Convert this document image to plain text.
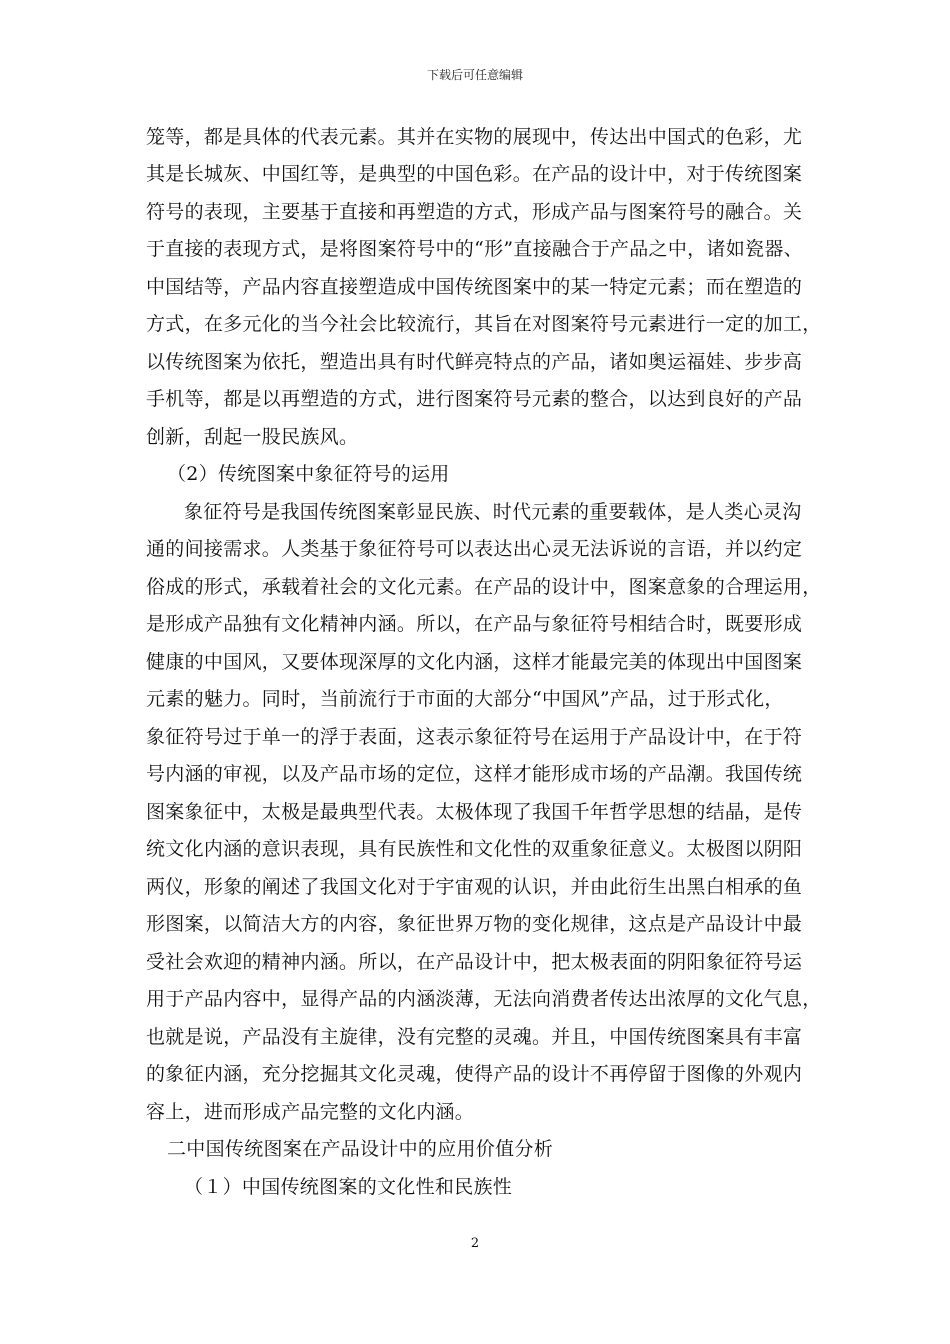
下载后可任意编辑
笼等，都是具体的代表元素。其并在实物的展现中，传达出中国式的色彩，尤
其是长城灰、中国红等，是典型的中国色彩。在产品的设计中，对于传统图案
符号的表现，主要基于直接和再塑造的方式，形成产品与图案符号的融合。关
于直接的表现方式，是将图案符号中的“形”直接融合于产品之中，诸如瓷器、
中国结等，产品内容直接塑造成中国传统图案中的某一特定元素；而在塑造的
方式，在多元化的当今社会比较流行，其旨在对图案符号元素进行一定的加工，
以传统图案为依托，塑造出具有时代鲜亮特点的产品，诸如奥运福娃、步步高
手机等，都是以再塑造的方式，进行图案符号元素的整合，以达到良好的产品
创新，刮起一股民族风。
（2）传统图案中象征符号的运用
象征符号是我国传统图案彰显民族、时代元素的重要载体，是人类心灵沟
通的间接需求。人类基于象征符号可以表达出心灵无法诉说的言语，并以约定
俗成的形式，承载着社会的文化元素。在产品的设计中，图案意象的合理运用，
是形成产品独有文化精神内涵。所以，在产品与象征符号相结合时，既要形成
健康的中国风，又要体现深厚的文化内涵，这样才能最完美的体现出中国图案
元素的魅力。同时，当前流行于市面的大部分“中国风”产品，过于形式化，
象征符号过于单一的浮于表面，这表示象征符号在运用于产品设计中，在于符
号内涵的审视，以及产品市场的定位，这样才能形成市场的产品潮。我国传统
图案象征中，太极是最典型代表。太极体现了我国千年哲学思想的结晶，是传
统文化内涵的意识表现，具有民族性和文化性的双重象征意义。太极图以阴阳
两仪，形象的阐述了我国文化对于宇宙观的认识，并由此衍生出黑白相承的鱼
形图案，以简洁大方的内容，象征世界万物的变化规律，这点是产品设计中最
受社会欢迎的精神内涵。所以，在产品设计中，把太极表面的阴阳象征符号运
用于产品内容中，显得产品的内涵淡薄，无法向消费者传达出浓厚的文化气息，
也就是说，产品没有主旋律，没有完整的灵魂。并且，中国传统图案具有丰富
的象征内涵，充分挖掘其文化灵魂，使得产品的设计不再停留于图像的外观内
容上，进而形成产品完整的文化内涵。
二中国传统图案在产品设计中的应用价值分析
（１）中国传统图案的文化性和民族性
2
